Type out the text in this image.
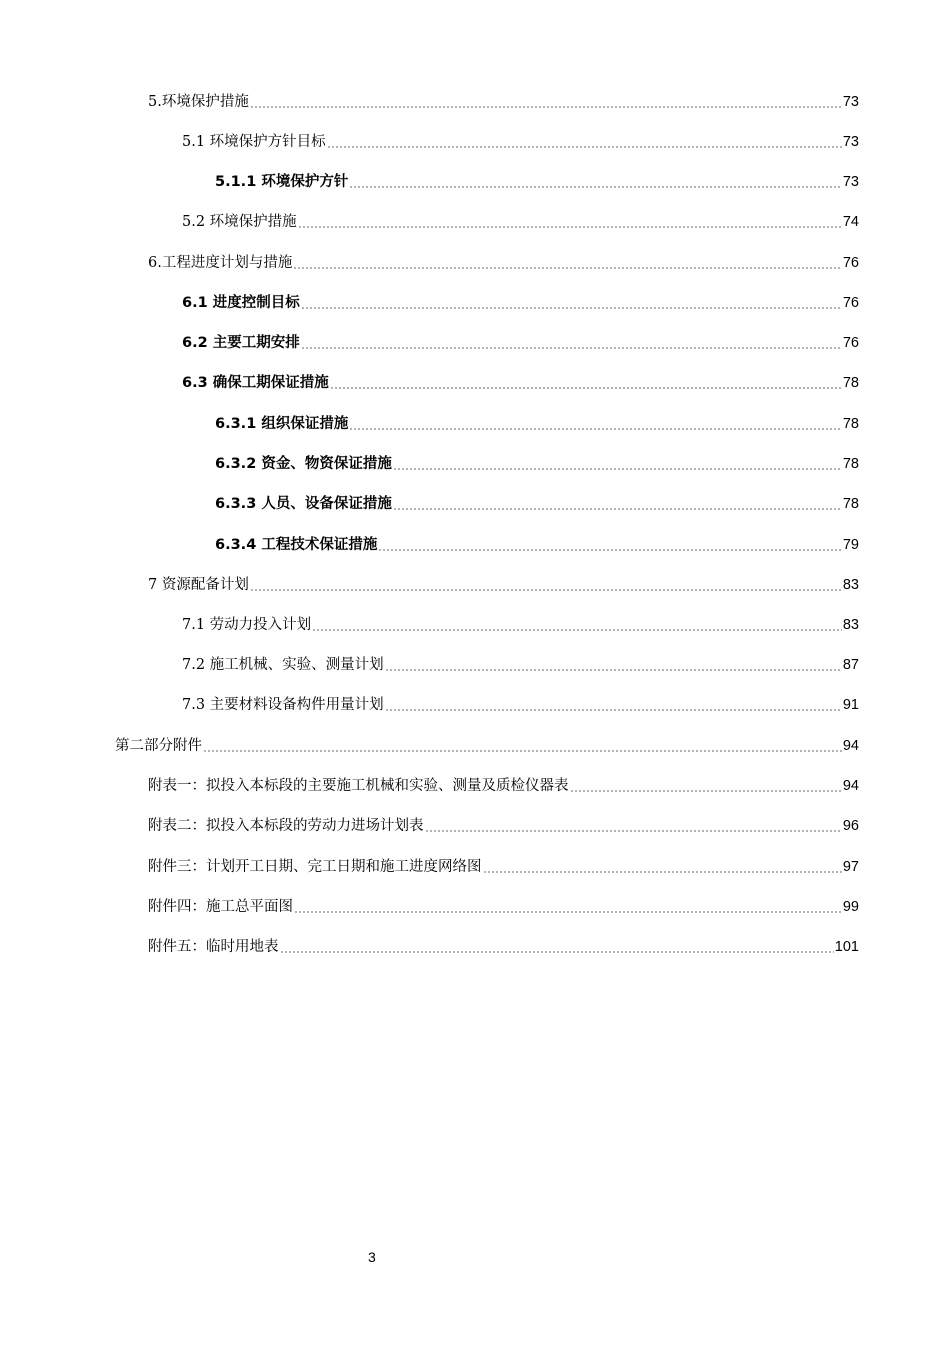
5.环境保护措施	73
5.1 环境保护方针目标	73
5.1.1 环境保护方针	73
5.2 环境保护措施	74
6.工程进度计划与措施	76
6.1 进度控制目标	76
6.2 主要工期安排	76
6.3 确保工期保证措施	78
6.3.1 组织保证措施	78
6.3.2 资金、物资保证措施	78
6.3.3 人员、设备保证措施	78
6.3.4 工程技术保证措施	79
7 资源配备计划	83
7.1 劳动力投入计划	83
7.2 施工机械、实验、测量计划	87
7.3 主要材料设备构件用量计划	91
第二部分附件	94
附表一：拟投入本标段的主要施工机械和实验、测量及质检仪器表	94
附表二：拟投入本标段的劳动力进场计划表	96
附件三：计划开工日期、完工日期和施工进度网络图	97
附件四：施工总平面图	99
附件五：临时用地表	101
3
